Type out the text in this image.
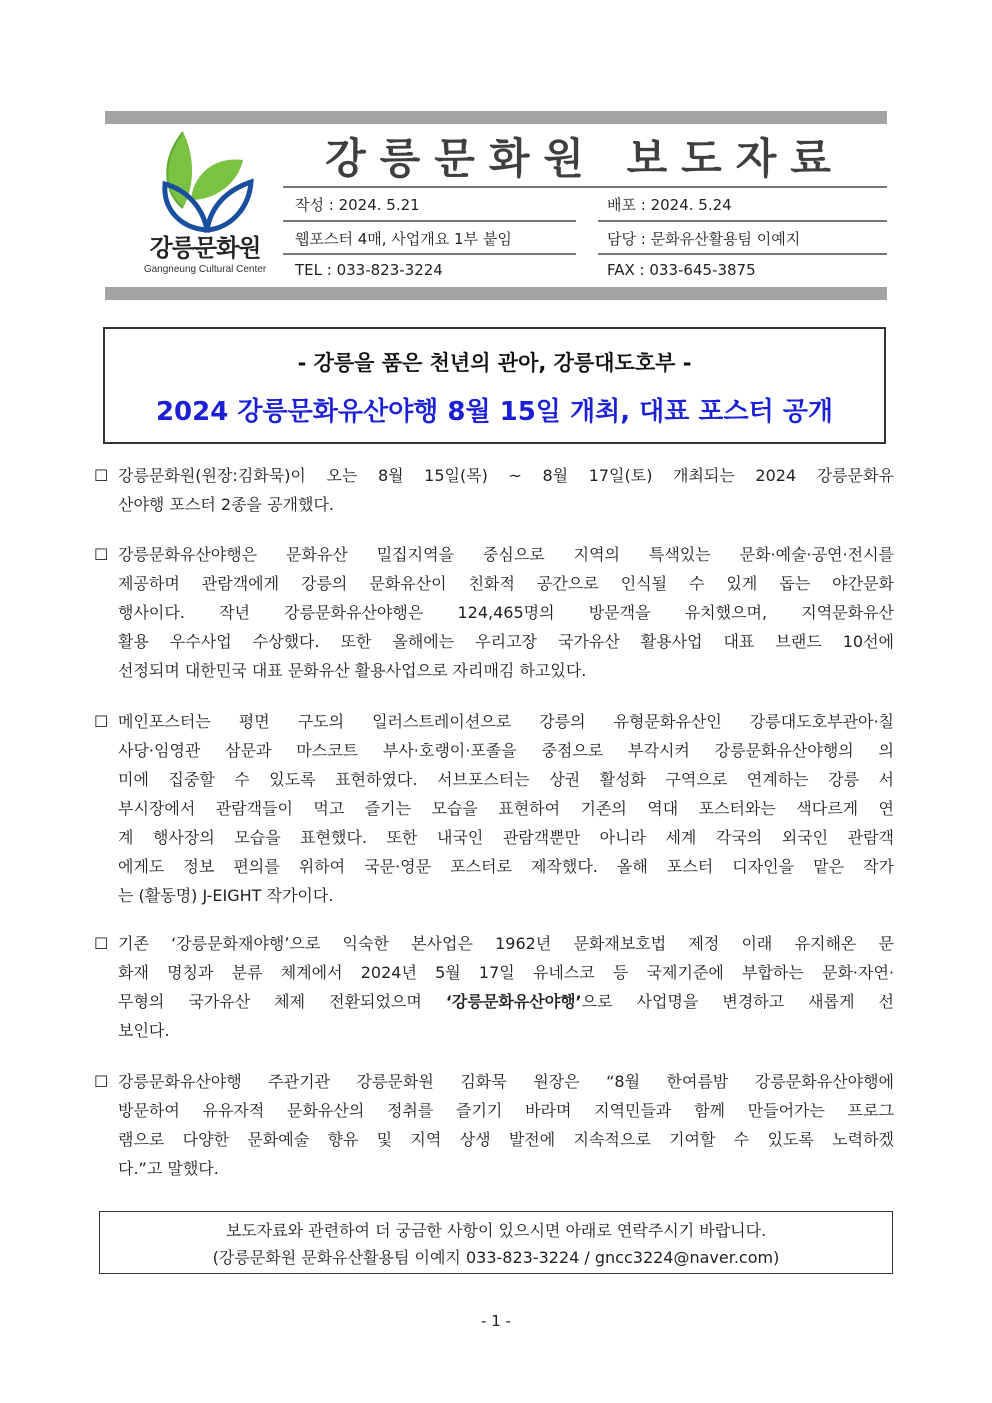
강릉문화원
Gangneung Cultural Center
강릉문화원 보도자료
작성 : 2024. 5.21	배포 : 2024. 5.24
웹포스터 4매, 사업개요 1부 붙임	담당 : 문화유산활용팀 이예지
TEL : 033-823-3224	FAX : 033-645-3875
- 강릉을 품은 천년의 관아, 강릉대도호부 -
2024 강릉문화유산야행 8월 15일 개최, 대표 포스터 공개
☐ 강릉문화원(원장:김화묵)이 오는 8월 15일(목) ~ 8월 17일(토) 개최되는 2024 강릉문화유
산야행 포스터 2종을 공개했다.
☐ 강릉문화유산야행은 문화유산 밀집지역을 중심으로 지역의 특색있는 문화·예술·공연·전시를
제공하며 관람객에게 강릉의 문화유산이 친화적 공간으로 인식될 수 있게 돕는 야간문화
행사이다. 작년 강릉문화유산야행은 124,465명의 방문객을 유치했으며, 지역문화유산
활용 우수사업 수상했다. 또한 올해에는 우리고장 국가유산 활용사업 대표 브랜드 10선에
선정되며 대한민국 대표 문화유산 활용사업으로 자리매김 하고있다.
☐ 메인포스터는 평면 구도의 일러스트레이션으로 강릉의 유형문화유산인 강릉대도호부관아·칠
사당·임영관 삼문과 마스코트 부사·호랭이·포졸을 중점으로 부각시켜 강릉문화유산야행의 의
미에 집중할 수 있도록 표현하였다. 서브포스터는 상권 활성화 구역으로 연계하는 강릉 서
부시장에서 관람객들이 먹고 즐기는 모습을 표현하여 기존의 역대 포스터와는 색다르게 연
계 행사장의 모습을 표현했다. 또한 내국인 관람객뿐만 아니라 세계 각국의 외국인 관람객
에게도 정보 편의를 위하여 국문·영문 포스터로 제작했다. 올해 포스터 디자인을 맡은 작가
는 (활동명) J-EIGHT 작가이다.
☐ 기존 ‘강릉문화재야행’으로 익숙한 본사업은 1962년 문화재보호법 제정 이래 유지해온 문
화재 명칭과 분류 체계에서 2024년 5월 17일 유네스코 등 국제기준에 부합하는 문화·자연·
무형의 국가유산 체제 전환되었으며 ‘강릉문화유산야행’으로 사업명을 변경하고 새롭게 선
보인다.
☐ 강릉문화유산야행 주관기관 강릉문화원 김화묵 원장은 “8월 한여름밤 강릉문화유산야행에
방문하여 유유자적 문화유산의 정취를 즐기기 바라며 지역민들과 함께 만들어가는 프로그
램으로 다양한 문화예술 향유 및 지역 상생 발전에 지속적으로 기여할 수 있도록 노력하겠
다.”고 말했다.
보도자료와 관련하여 더 궁금한 사항이 있으시면 아래로 연락주시기 바랍니다.
(강릉문화원 문화유산활용팀 이예지 033-823-3224 / gncc3224@naver.com)
- 1 -
